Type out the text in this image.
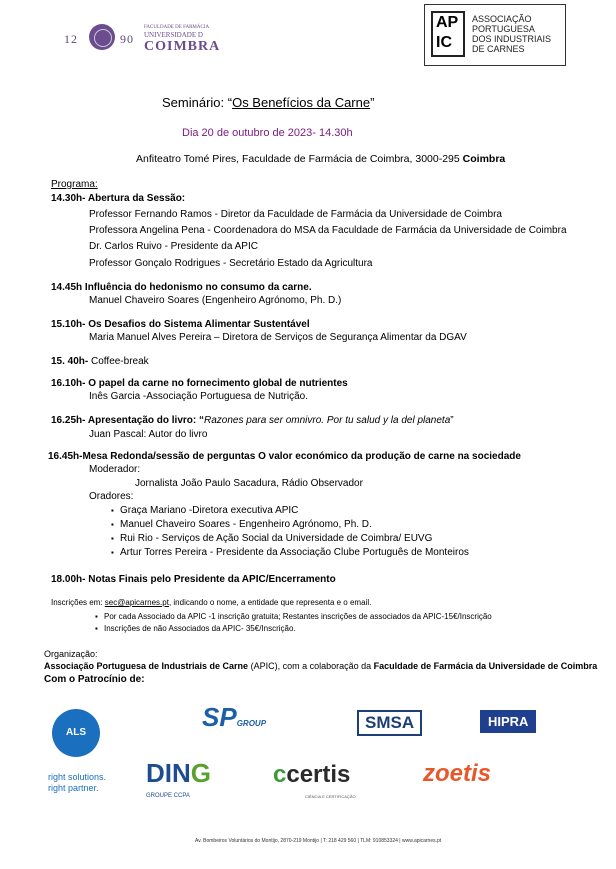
12	90
FACULDADE DE FARMÁCIA
UNIVERSIDADE D
COIMBRA
AP IC
ASSOCIAÇÃO
PORTUGUESA
DOS INDUSTRIAIS
DE CARNES
Seminário: “Os Benefícios da Carne”
Dia 20 de outubro de 2023- 14.30h
Anfiteatro Tomé Pires, Faculdade de Farmácia de Coimbra, 3000-295 Coimbra
Programa:
14.30h- Abertura da Sessão:
Professor Fernando Ramos - Diretor da Faculdade de Farmácia da Universidade de Coimbra
Professora Angelina Pena - Coordenadora do MSA da Faculdade de Farmácia da Universidade de Coimbra
Dr. Carlos Ruivo - Presidente da APIC
Professor Gonçalo Rodrigues - Secretário Estado da Agricultura
14.45h Influência do hedonismo no consumo da carne.
Manuel Chaveiro Soares (Engenheiro Agrónomo, Ph. D.)
15.10h- Os Desafios do Sistema Alimentar Sustentável
Maria Manuel Alves Pereira – Diretora de Serviços de Segurança Alimentar da DGAV
15. 40h- Coffee-break
16.10h- O papel da carne no fornecimento global de nutrientes
Inês Garcia -Associação Portuguesa de Nutrição.
16.25h- Apresentação do livro: “Razones para ser omnivro. Por tu salud y la del planeta”
Juan Pascal: Autor do livro
16.45h-Mesa Redonda/sessão de perguntas O valor económico da produção de carne na sociedade
Moderador:
Jornalista João Paulo Sacadura, Rádio Observador
Oradores:
▪ Graça Mariano -Diretora executiva APIC
▪ Manuel Chaveiro Soares - Engenheiro Agrónomo, Ph. D.
▪ Rui Rio - Serviços de Ação Social da Universidade de Coimbra/ EUVG
▪ Artur Torres Pereira - Presidente da Associação Clube Português de Monteiros
18.00h- Notas Finais pelo Presidente da APIC/Encerramento
Inscrições em: sec@apicarnes.pt, indicando o nome, a entidade que representa e o email.
▪ Por cada Associado da APIC -1 inscrição gratuita; Restantes inscrições de associados da APIC-15€/Inscrição
▪ Inscrições de não Associados da APIC- 35€/Inscrição.
Organização:
Associação Portuguesa de Industriais de Carne (APIC), com a colaboração da Faculdade de Farmácia da Universidade de Coimbra
Com o Patrocínio de:
ALS
SPGROUP	SMSA	HIPRA
right solutions.
right partner. DING
GROUPE CCPA
ccertis
CIÊNCIA E CERTIFICAÇÃO
zoetis
Av. Bombeiros Voluntários do Montijo, 2870-219 Montijo | T: 218 429 560 | TLM: 910853324 | www.apicarnes.pt
